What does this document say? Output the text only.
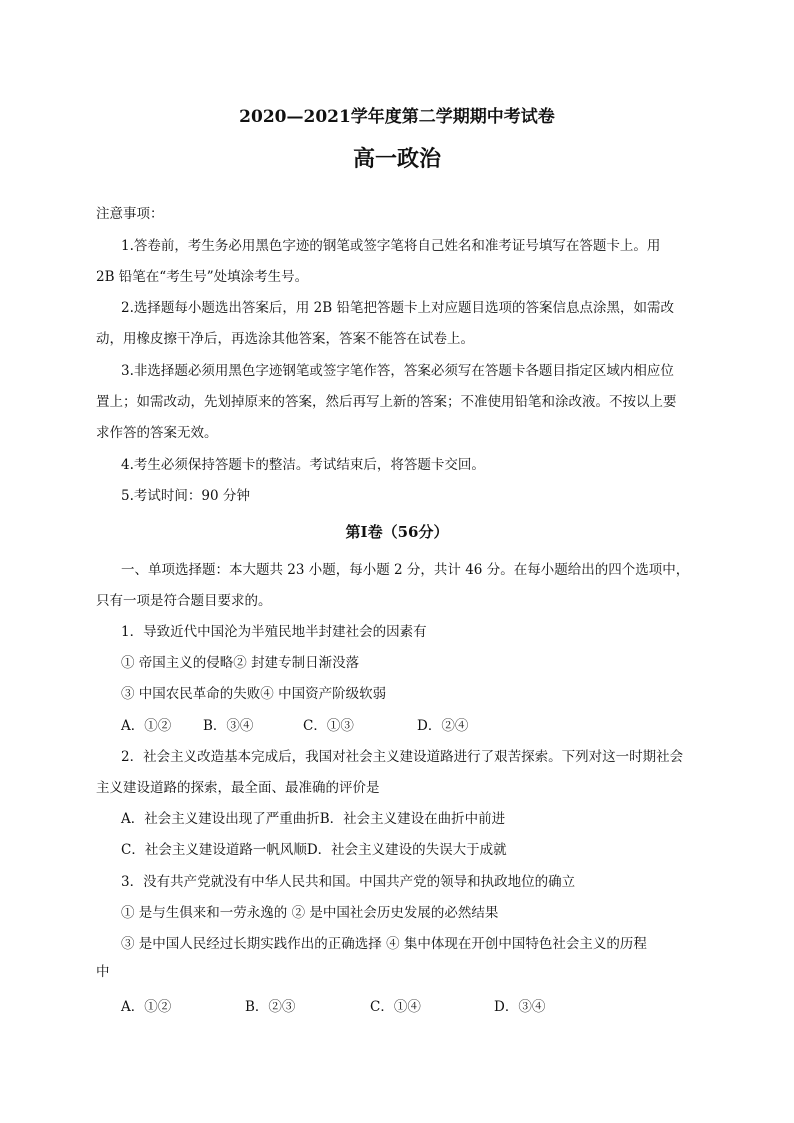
2020—2021学年度第二学期期中考试卷
高一政治
注意事项：
1.答卷前，考生务必用黑色字迹的钢笔或签字笔将自己姓名和准考证号填写在答题卡上。用
2B 铅笔在“考生号”处填涂考生号。
2.选择题每小题选出答案后，用 2B 铅笔把答题卡上对应题目选项的答案信息点涂黑，如需改
动，用橡皮擦干净后，再选涂其他答案，答案不能答在试卷上。
3.非选择题必须用黑色字迹钢笔或签字笔作答，答案必须写在答题卡各题目指定区域内相应位
置上；如需改动，先划掉原来的答案，然后再写上新的答案；不准使用铅笔和涂改液。不按以上要
求作答的答案无效。
4.考生必须保持答题卡的整洁。考试结束后，将答题卡交回。
5.考试时间：90 分钟
第Ⅰ卷（56分）
一、单项选择题：本大题共 23 小题，每小题 2 分，共计 46 分。在每小题给出的四个选项中，
只有一项是符合题目要求的。
1．导致近代中国沦为半殖民地半封建社会的因素有
① 帝国主义的侵略② 封建专制日渐没落
③ 中国农民革命的失败④ 中国资产阶级软弱
A．①② B．③④	C．①③	D．②④
2．社会主义改造基本完成后，我国对社会主义建设道路进行了艰苦探索。下列对这一时期社会
主义建设道路的探索，最全面、最准确的评价是
A．社会主义建设出现了严重曲折B．社会主义建设在曲折中前进
C．社会主义建设道路一帆风顺D．社会主义建设的失误大于成就
3．没有共产党就没有中华人民共和国。中国共产党的领导和执政地位的确立
① 是与生俱来和一劳永逸的 ② 是中国社会历史发展的必然结果
③ 是中国人民经过长期实践作出的正确选择 ④ 集中体现在开创中国特色社会主义的历程
中
A．①②	B．②③	C．①④	D．③④
